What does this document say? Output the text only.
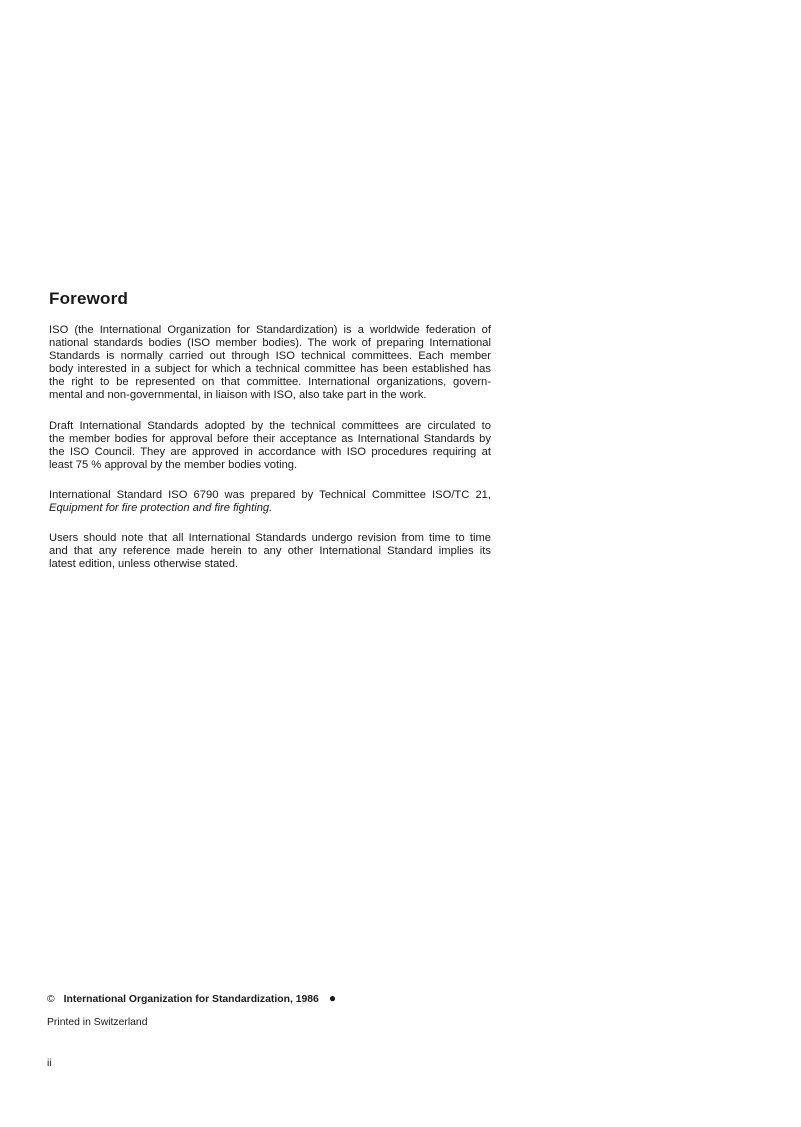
Foreword

ISO (the International Organization for Standardization) is a worldwide federation of
national standards bodies (ISO member bodies). The work of preparing International
Standards is normally carried out through ISO technical committees. Each member
body interested in a subject for which a technical committee has been established has
the right to be represented on that committee. International organizations, govern-
mental and non-governmental, in liaison with ISO, also take part in the work.

Draft International Standards adopted by the technical committees are circulated to
the member bodies for approval before their acceptance as International Standards by
the ISO Council. They are approved in accordance with ISO procedures requiring at
least 75 % approval by the member bodies voting.

International Standard ISO 6790 was prepared by Technical Committee ISO/TC 21,
Equipment for fire protection and fire fighting.

Users should note that all International Standards undergo revision from time to time
and that any reference made herein to any other International Standard implies its
latest edition, unless otherwise stated.

© International Organization for Standardization, 1986 ●
Printed in Switzerland
ii
